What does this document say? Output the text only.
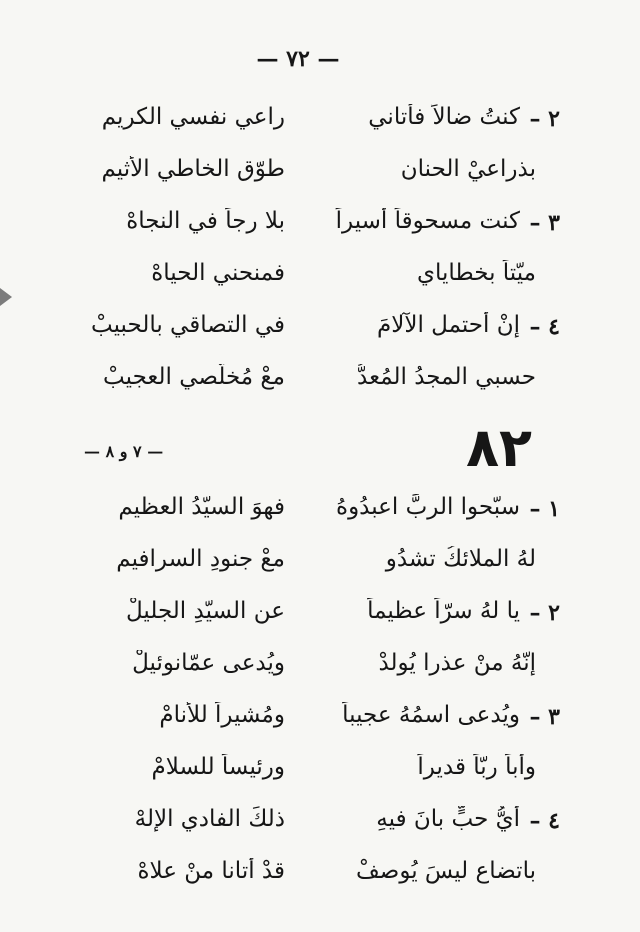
— ٧٢ —
٢ –
كنتُ ضالاً فأتاني
راعي نفسي الكريم
بذراعيْ الحنان
طوّق الخاطي الأثيم
٣ –
كنت مسحوقاً أسيراً
بلا رجاً في النجاهْ
ميّتاً بخطاياي
فمنحني الحياهْ
٤ –
إنْ أحتمل الآلامَ
في التصاقي بالحبيبْ
حسبي المجدُ المُعدُّ
معْ مُخلّصي العجيبْ
٨٢
— ٧ و ٨ —
١ –
سبّحوا الربَّ اعبدُوهُ
فهوَ السيّدُ العظيم
لهُ الملائكُ تشدُو
معْ جنودِ السرافيم
٢ –
يا لهُ سرّاً عظيماً
عن السيّدِ الجليلْ
إنّهُ منْ عذرا يُولدْ
ويُدعى عمّانوئيلْ
٣ –
ويُدعى اسمُهُ عجيباً
ومُشيراً للأنامْ
وأباً ربّاً قديراً
ورئيساً للسلامْ
٤ –
أيُّ حبٍّ بانَ فيهِ
ذلكَ الفادي الإلهْ
باتضاعٍ ليسَ يُوصفْ
قدْ أتانا منْ علاهْ
